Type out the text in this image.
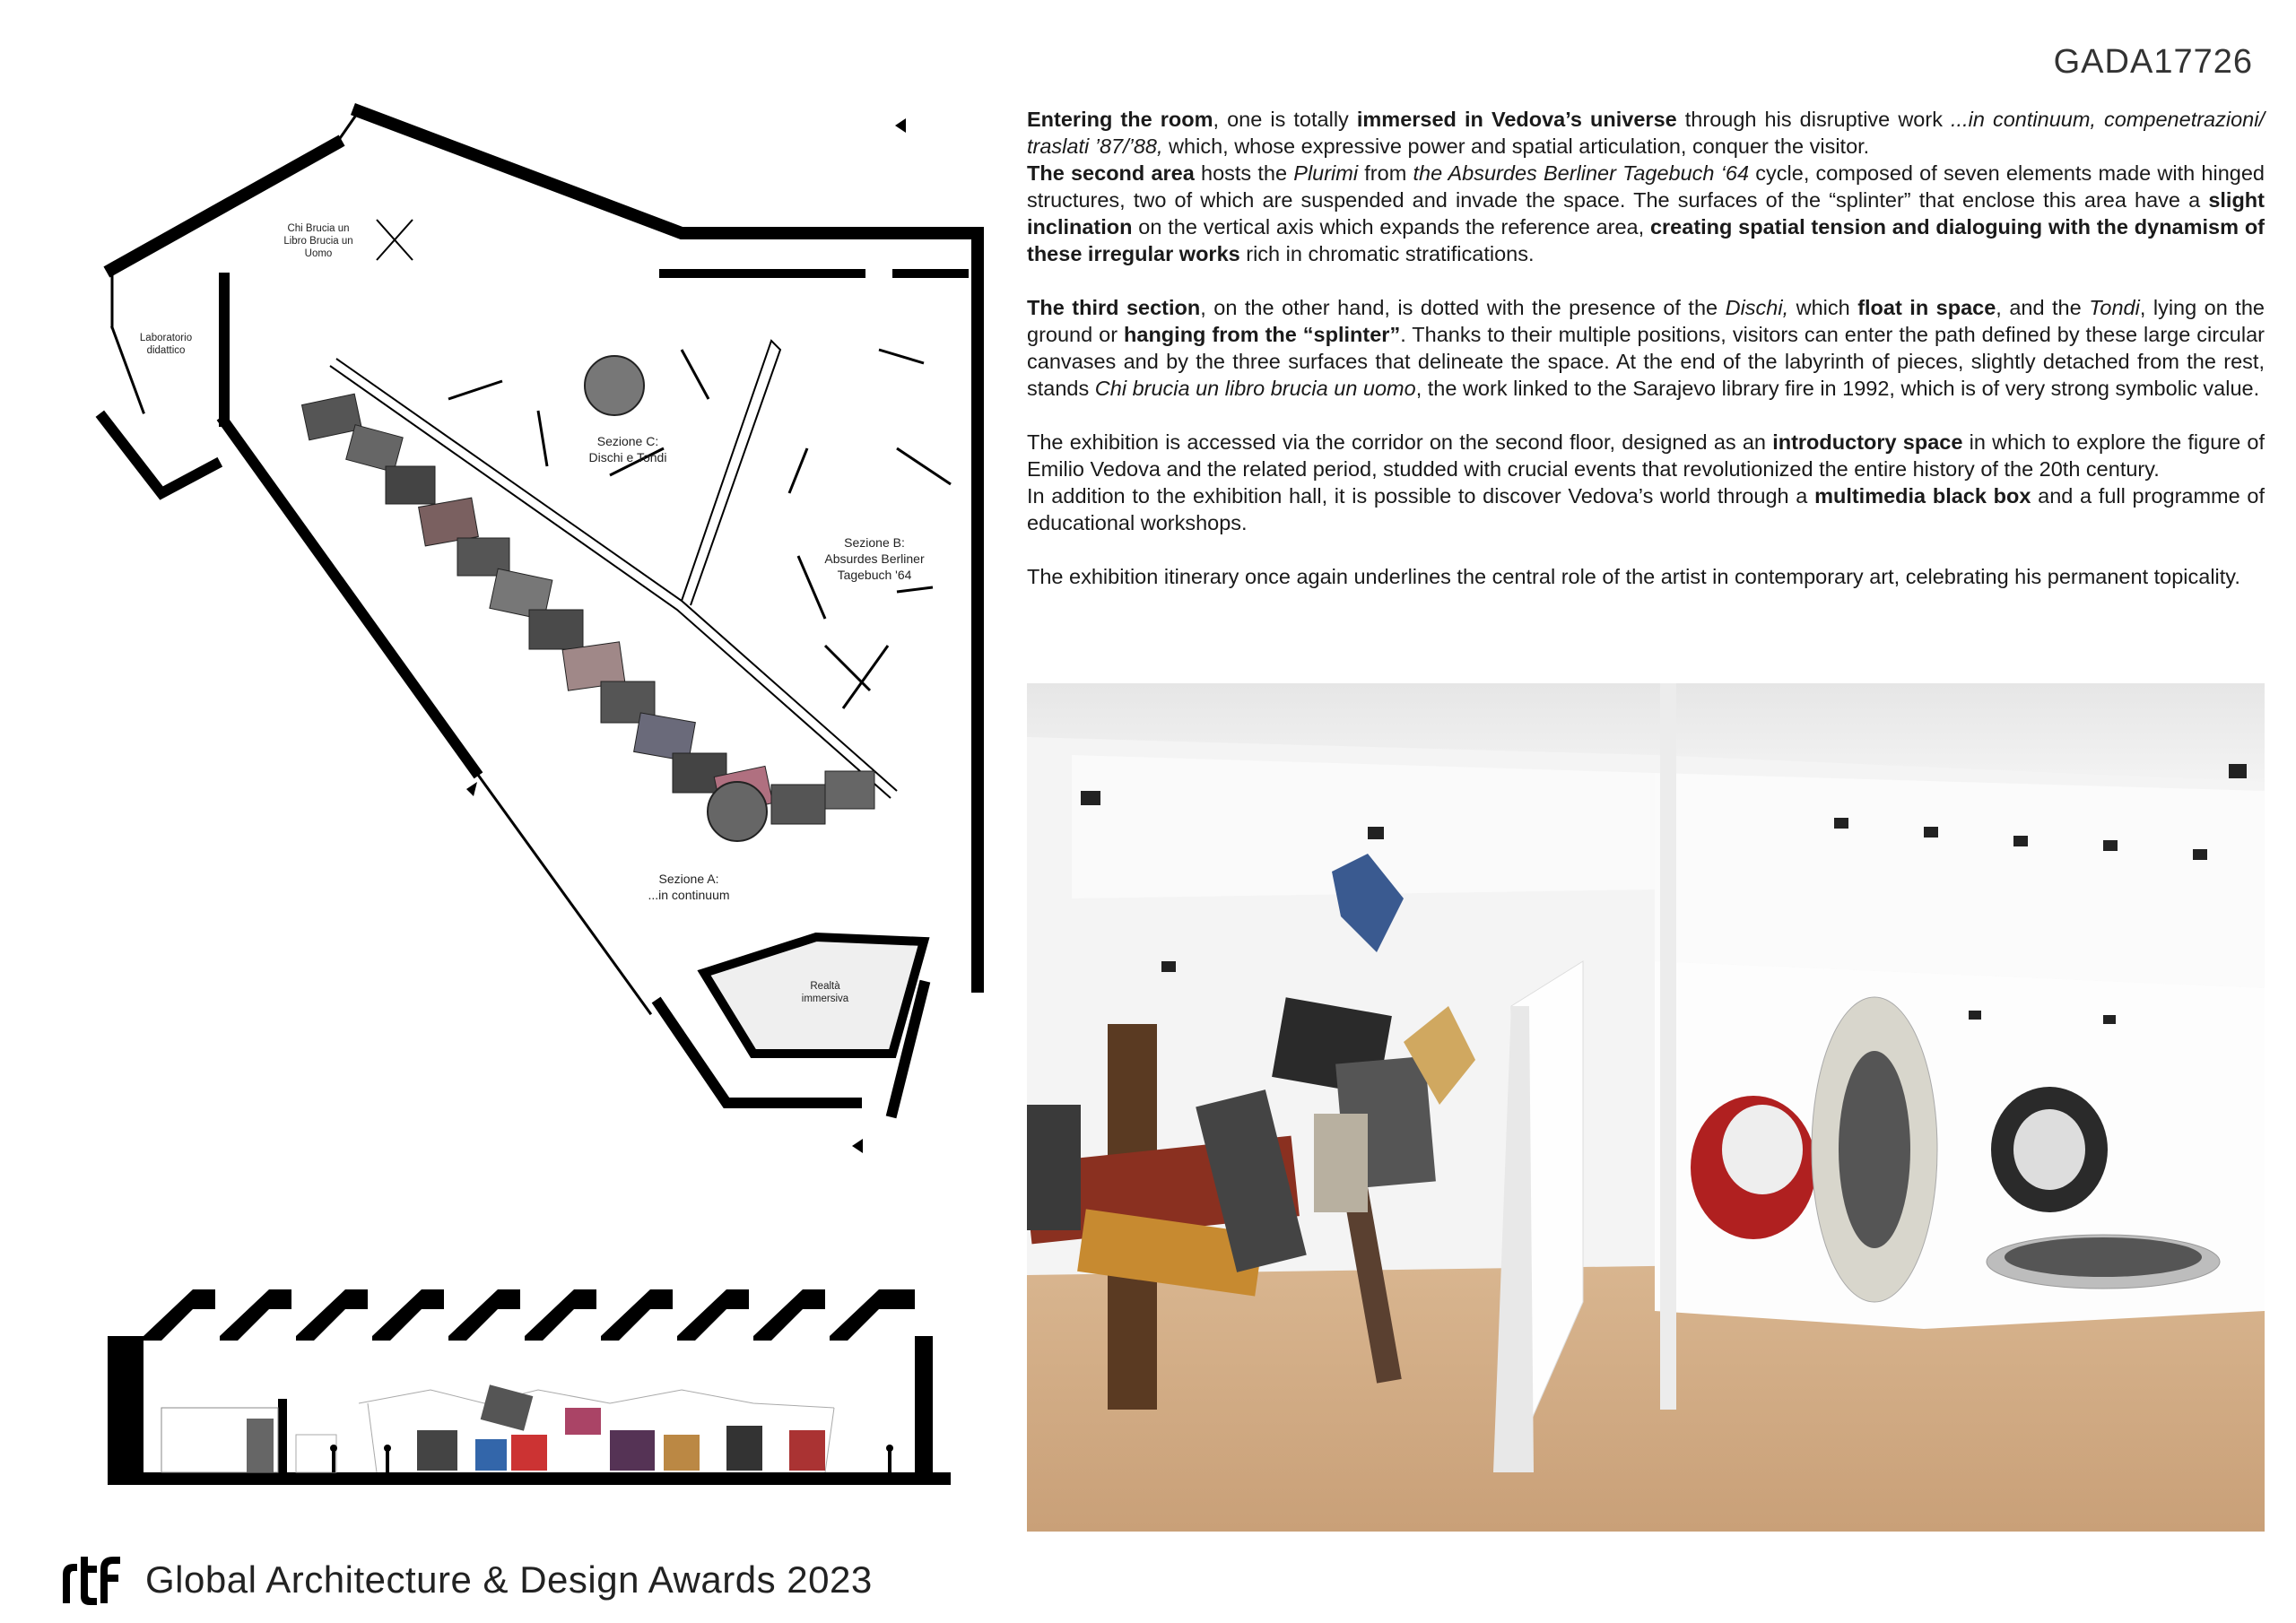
GADA17726
Chi Brucia un
Libro Brucia un
Uomo
Laboratorio
didattico
Sezione C:
Dischi e Tondi
Sezione B:
Absurdes Berliner
Tagebuch '64
Sezione A:
...in continuum
Realtà
immersiva

Entering the room, one is totally immersed in Vedova’s universe through his disruptive work ...in continuum, compenetrazioni/ traslati ’87/’88, which, whose expressive power and spatial articulation, conquer the visitor.

The second area hosts the Plurimi from the Absurdes Berliner Tagebuch ‘64 cycle, composed of seven elements made with hinged structures, two of which are suspended and invade the space. The surfaces of the “splinter” that enclose this area have a slight inclination on the vertical axis which expands the reference area, creating spatial tension and dialoguing with the dynamism of these irregular works rich in chromatic stratifications.

The third section, on the other hand, is dotted with the presence of the Dischi, which float in space, and the Tondi, lying on the ground or hanging from the “splinter”. Thanks to their multiple positions, visitors can enter the path defined by these large circular canvases and by the three surfaces that delineate the space. At the end of the labyrinth of pieces, slightly detached from the rest, stands Chi brucia un libro brucia un uomo, the work linked to the Sarajevo library fire in 1992, which is of very strong symbolic value.

The exhibition is accessed via the corridor on the second floor, designed as an introductory space in which to explore the figure of Emilio Vedova and the related period, studded with crucial events that revolutionized the entire history of the 20th century.

In addition to the exhibition hall, it is possible to discover Vedova’s world through a multimedia black box and a full programme of educational workshops.

The exhibition itinerary once again underlines the central role of the artist in contemporary art, celebrating his permanent topicality.

Global Architecture & Design Awards 2023
